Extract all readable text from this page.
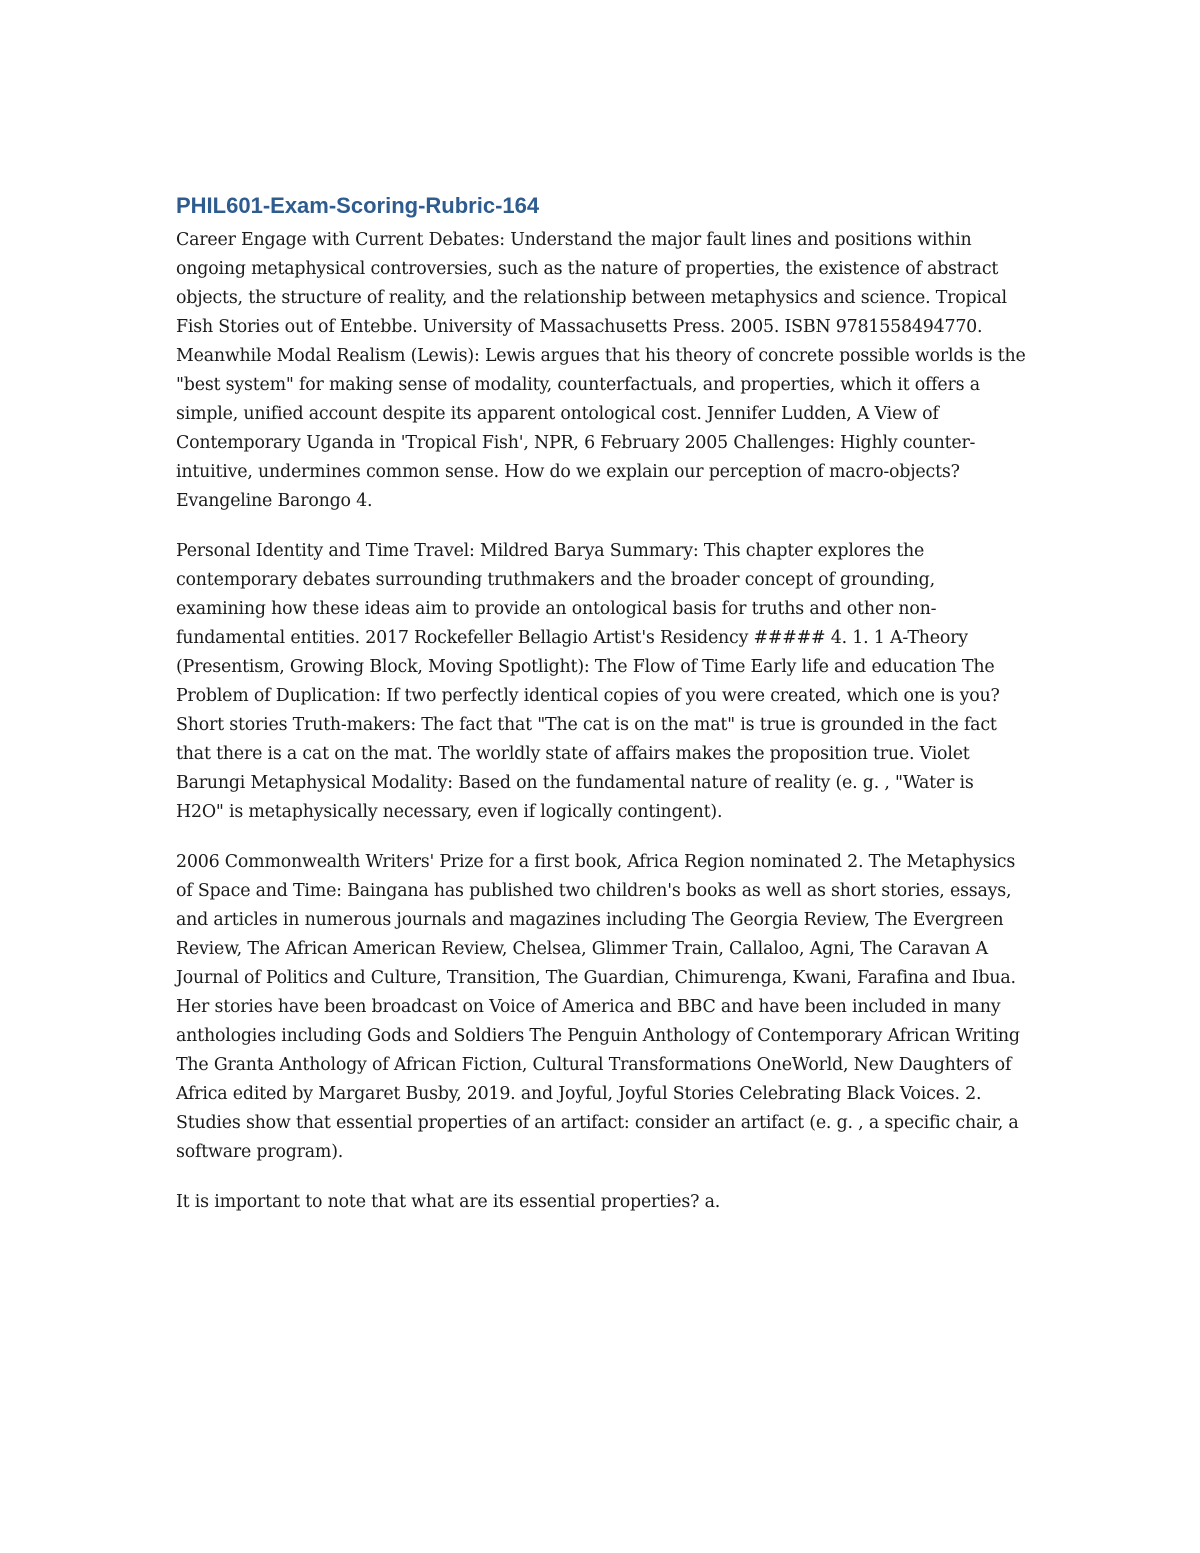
PHIL601-Exam-Scoring-Rubric-164

Career Engage with Current Debates: Understand the major fault lines and positions within ongoing metaphysical controversies, such as the nature of properties, the existence of abstract objects, the structure of reality, and the relationship between metaphysics and science. Tropical Fish Stories out of Entebbe. University of Massachusetts Press. 2005. ISBN 9781558494770. Meanwhile Modal Realism (Lewis): Lewis argues that his theory of concrete possible worlds is the "best system" for making sense of modality, counterfactuals, and properties, which it offers a simple, unified account despite its apparent ontological cost. Jennifer Ludden, A View of Contemporary Uganda in 'Tropical Fish', NPR, 6 February 2005 Challenges: Highly counter-intuitive, undermines common sense. How do we explain our perception of macro-objects? Evangeline Barongo 4.

Personal Identity and Time Travel: Mildred Barya Summary: This chapter explores the contemporary debates surrounding truthmakers and the broader concept of grounding, examining how these ideas aim to provide an ontological basis for truths and other non-fundamental entities. 2017 Rockefeller Bellagio Artist's Residency ##### 4. 1. 1 A-Theory (Presentism, Growing Block, Moving Spotlight): The Flow of Time Early life and education The Problem of Duplication: If two perfectly identical copies of you were created, which one is you? Short stories Truth-makers: The fact that "The cat is on the mat" is true is grounded in the fact that there is a cat on the mat. The worldly state of affairs makes the proposition true. Violet Barungi Metaphysical Modality: Based on the fundamental nature of reality (e. g. , "Water is H2O" is metaphysically necessary, even if logically contingent).

2006 Commonwealth Writers' Prize for a first book, Africa Region nominated 2. The Metaphysics of Space and Time: Baingana has published two children's books as well as short stories, essays, and articles in numerous journals and magazines including The Georgia Review, The Evergreen Review, The African American Review, Chelsea, Glimmer Train, Callaloo, Agni, The Caravan A Journal of Politics and Culture, Transition, The Guardian, Chimurenga, Kwani, Farafina and Ibua. Her stories have been broadcast on Voice of America and BBC and have been included in many anthologies including Gods and Soldiers The Penguin Anthology of Contemporary African Writing The Granta Anthology of African Fiction, Cultural Transformations OneWorld, New Daughters of Africa edited by Margaret Busby, 2019. and Joyful, Joyful Stories Celebrating Black Voices. 2. Studies show that essential properties of an artifact: consider an artifact (e. g. , a specific chair, a software program).

It is important to note that what are its essential properties? a.
